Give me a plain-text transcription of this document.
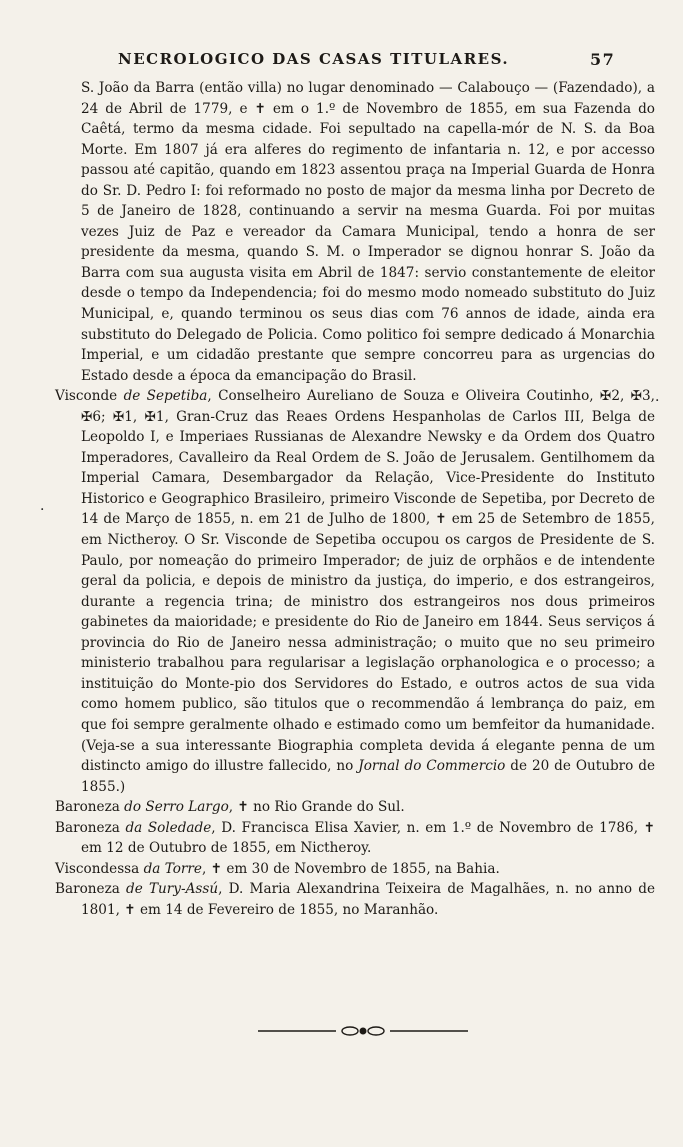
NECROLOGICO DAS CASAS TITULARES.	57

S. João da Barra (então villa) no lugar denominado — Calabouço — (Fazendado), a 24 de Abril de 1779, e ✝ em o 1.º de Novembro de 1855, em sua Fazenda do Caêtá, termo da mesma cidade. Foi sepultado na capella-mór de N. S. da Boa Morte. Em 1807 já era alferes do regimento de infantaria n. 12, e por accesso passou até capitão, quando em 1823 assentou praça na Imperial Guarda de Honra do Sr. D. Pedro I: foi reformado no posto de major da mesma linha por Decreto de 5 de Janeiro de 1828, continuando a servir na mesma Guarda. Foi por muitas vezes Juiz de Paz e vereador da Camara Municipal, tendo a honra de ser presidente da mesma, quando S. M. o Imperador se dignou honrar S. João da Barra com sua augusta visita em Abril de 1847: servio constantemente de eleitor desde o tempo da Independencia; foi do mesmo modo nomeado substituto do Juiz Municipal, e, quando terminou os seus dias com 76 annos de idade, ainda era substituto do Delegado de Policia. Como politico foi sempre dedicado á Monarchia Imperial, e um cidadão prestante que sempre concorreu para as urgencias do Estado desde a época da emancipação do Brasil.

Visconde de Sepetiba, Conselheiro Aureliano de Souza e Oliveira Coutinho, ✠2, ✠3, ✠6; ✠1, ✠1, Gran-Cruz das Reaes Ordens Hespanholas de Carlos III, Belga de Leopoldo I, e Imperiaes Russianas de Alexandre Newsky e da Ordem dos Quatro Imperadores, Cavalleiro da Real Ordem de S. João de Jerusalem. Gentilhomem da Imperial Camara, Desembargador da Relação, Vice-Presidente do Instituto Historico e Geographico Brasileiro, primeiro Visconde de Sepetiba, por Decreto de 14 de Março de 1855, n. em 21 de Julho de 1800, ✝ em 25 de Setembro de 1855, em Nictheroy. O Sr. Visconde de Sepetiba occupou os cargos de Presidente de S. Paulo, por nomeação do primeiro Imperador; de juiz de orphãos e de intendente geral da policia, e depois de ministro da justiça, do imperio, e dos estrangeiros, durante a regencia trina; de ministro dos estrangeiros nos dous primeiros gabinetes da maioridade; e presidente do Rio de Janeiro em 1844. Seus serviços á provincia do Rio de Janeiro nessa administração; o muito que no seu primeiro ministerio trabalhou para regularisar a legislação orphanologica e o processo; a instituição do Monte-pio dos Servidores do Estado, e outros actos de sua vida como homem publico, são titulos que o recommendão á lembrança do paiz, em que foi sempre geralmente olhado e estimado como um bemfeitor da humanidade. (Veja-se a sua interessante Biographia completa devida á elegante penna de um distincto amigo do illustre fallecido, no Jornal do Commercio de 20 de Outubro de 1855.)

Baroneza do Serro Largo, ✝ no Rio Grande do Sul.

Baroneza da Soledade, D. Francisca Elisa Xavier, n. em 1.º de Novembro de 1786, ✝ em 12 de Outubro de 1855, em Nictheroy.

Viscondessa da Torre, ✝ em 30 de Novembro de 1855, na Bahia.

Baroneza de Tury-Assú, D. Maria Alexandrina Teixeira de Magalhães, n. no anno de 1801, ✝ em 14 de Fevereiro de 1855, no Maranhão.

·
·
